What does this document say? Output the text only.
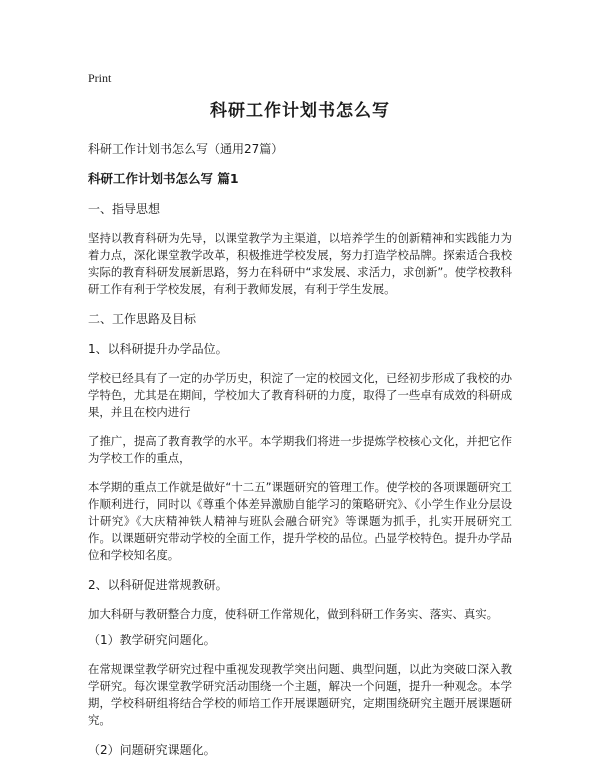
Print
科研工作计划书怎么写
科研工作计划书怎么写（通用27篇）
科研工作计划书怎么写 篇1
一、指导思想
坚持以教育科研为先导，以课堂教学为主渠道，以培养学生的创新精神和实践能力为着力点，深化课堂教学改革，积极推进学校发展，努力打造学校品牌。探索适合我校实际的教育科研发展新思路，努力在科研中“求发展、求活力，求创新”。使学校教科研工作有利于学校发展，有利于教师发展，有利于学生发展。
二、工作思路及目标
1、以科研提升办学品位。
学校已经具有了一定的办学历史，积淀了一定的校园文化，已经初步形成了我校的办学特色，尤其是在期间，学校加大了教育科研的力度，取得了一些卓有成效的科研成果，并且在校内进行
了推广，提高了教育教学的水平。本学期我们将进一步提炼学校核心文化，并把它作为学校工作的重点，
本学期的重点工作就是做好“十二五”课题研究的管理工作。使学校的各项课题研究工作顺利进行，同时以《尊重个体差异激励自能学习的策略研究》、《小学生作业分层设计研究》《大庆精神铁人精神与班队会融合研究》等课题为抓手，扎实开展研究工作。以课题研究带动学校的全面工作，提升学校的品位。凸显学校特色。提升办学品位和学校知名度。
2、以科研促进常规教研。
加大科研与教研整合力度，使科研工作常规化，做到科研工作务实、落实、真实。
（1）教学研究问题化。
在常规课堂教学研究过程中重视发现教学突出问题、典型问题，以此为突破口深入教学研究。每次课堂教学研究活动围绕一个主题，解决一个问题，提升一种观念。本学期，学校科研组将结合学校的师培工作开展课题研究，定期围绕研究主题开展课题研究。
（2）问题研究课题化。
